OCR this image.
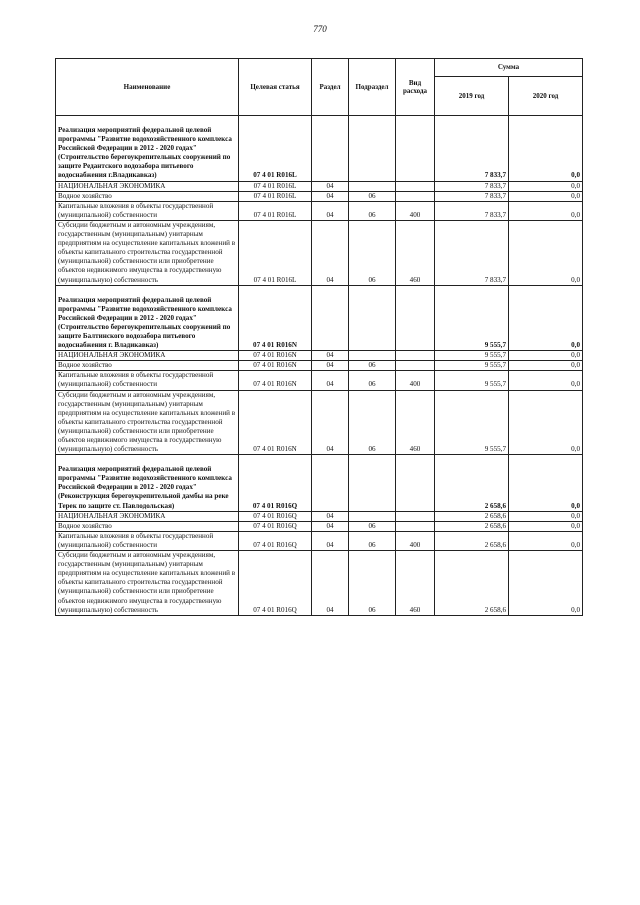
770
Наименование	Целевая статья	Раздел	Подраздел	Вид расхода	Сумма	
					2019 год	2020 год
Реализация мероприятий федеральной целевой программы "Развитие водохозяйственного комплекса Российской Федерации в 2012 - 2020 годах" (Строительство берегоукрепительных сооружений по защите Редантского водозабора питьевого водоснабжения г.Владикавказ)	07 4 01 R016L				7 833,7	0,0
НАЦИОНАЛЬНАЯ ЭКОНОМИКА	07 4 01 R016L	04			7 833,7	0,0
Водное хозяйство	07 4 01 R016L	04	06		7 833,7	0,0
Капитальные вложения в объекты государственной (муниципальной) собственности	07 4 01 R016L	04	06	400	7 833,7	0,0
Субсидии бюджетным и автономным учреждениям, государственным (муниципальным) унитарным предприятиям на осуществление капитальных вложений в объекты капитального строительства государственной (муниципальной) собственности или приобретение объектов недвижимого имущества в государственную (муниципальную) собственность	07 4 01 R016L	04	06	460	7 833,7	0,0
Реализация мероприятий федеральной целевой программы "Развитие водохозяйственного комплекса Российской Федерации в 2012 - 2020 годах" (Строительство берегоукрепительных сооружений по защите Балтинского водозабора питьевого водоснабжения г. Владикавказ)	07 4 01 R016N				9 555,7	0,0
НАЦИОНАЛЬНАЯ ЭКОНОМИКА	07 4 01 R016N	04			9 555,7	0,0
Водное хозяйство	07 4 01 R016N	04	06		9 555,7	0,0
Капитальные вложения в объекты государственной (муниципальной) собственности	07 4 01 R016N	04	06	400	9 555,7	0,0
Субсидии бюджетным и автономным учреждениям, государственным (муниципальным) унитарным предприятиям на осуществление капитальных вложений в объекты капитального строительства государственной (муниципальной) собственности или приобретение объектов недвижимого имущества в государственную (муниципальную) собственность	07 4 01 R016N	04	06	460	9 555,7	0,0
Реализация мероприятий федеральной целевой программы "Развитие водохозяйственного комплекса Российской Федерации в 2012 - 2020 годах" (Реконструкция берегоукрепительной дамбы на реке Терек по защите ст. Павлодольская)	07 4 01 R016Q				2 658,6	0,0
НАЦИОНАЛЬНАЯ ЭКОНОМИКА	07 4 01 R016Q	04			2 658,6	0,0
Водное хозяйство	07 4 01 R016Q	04	06		2 658,6	0,0
Капитальные вложения в объекты государственной (муниципальной) собственности	07 4 01 R016Q	04	06	400	2 658,6	0,0
Субсидии бюджетным и автономным учреждениям, государственным (муниципальным) унитарным предприятиям на осуществление капитальных вложений в объекты капитального строительства государственной (муниципальной) собственности или приобретение объектов недвижимого имущества в государственную (муниципальную) собственность	07 4 01 R016Q	04	06	460	2 658,6	0,0
